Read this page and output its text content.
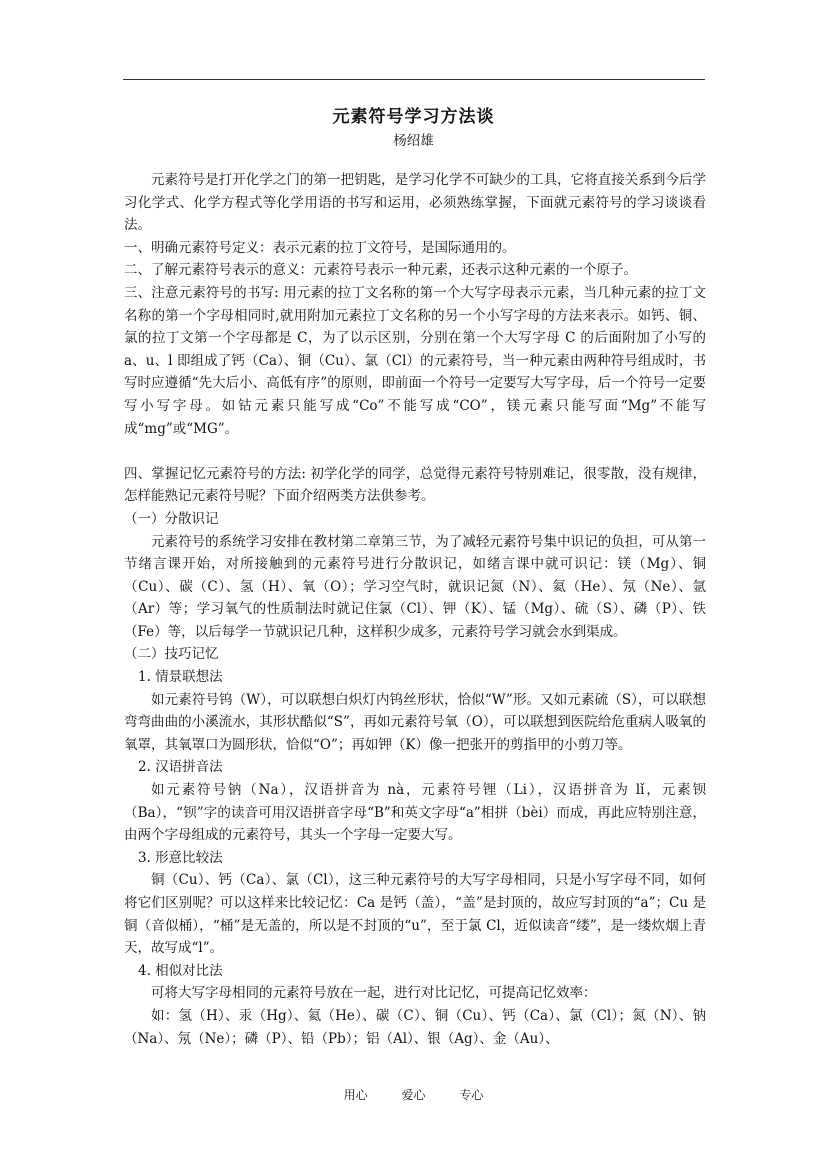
元素符号学习方法谈
杨绍雄

元素符号是打开化学之门的第一把钥匙，是学习化学不可缺少的工具，它将直接关系到今后学习化学式、化学方程式等化学用语的书写和运用，必须熟练掌握，下面就元素符号的学习谈谈看法。

一、明确元素符号定义：表示元素的拉丁文符号，是国际通用的。

二、了解元素符号表示的意义：元素符号表示一种元素，还表示这种元素的一个原子。

三、注意元素符号的书写: 用元素的拉丁文名称的第一个大写字母表示元素，当几种元素的拉丁文名称的第一个字母相同时,就用附加元素拉丁文名称的另一个小写字母的方法来表示。如钙、铜、氯的拉丁文第一个字母都是 C，为了以示区别，分别在第一个大写字母 C 的后面附加了小写的 a、u、l 即组成了钙（Ca）、铜（Cu）、氯（Cl）的元素符号，当一种元素由两种符号组成时，书写时应遵循“先大后小、高低有序”的原则，即前面一个符号一定要写大写字母，后一个符号一定要写小写字母。如钴元素只能写成“Co”不能写成“CO”，镁元素只能写面“Mg”不能写成“mg”或“MG”。

四、掌握记忆元素符号的方法: 初学化学的同学，总觉得元素符号特别难记，很零散，没有规律，怎样能熟记元素符号呢？下面介绍两类方法供参考。

（一）分散识记

元素符号的系统学习安排在教材第二章第三节，为了减轻元素符号集中识记的负担，可从第一节绪言课开始，对所接触到的元素符号进行分散识记，如绪言课中就可识记：镁（Mg）、铜（Cu）、碳（C）、氢（H）、氧（O）；学习空气时，就识记氮（N）、氦（He）、氖（Ne）、氩（Ar）等；学习氧气的性质制法时就记住氯（Cl）、钾（K）、锰（Mg）、硫（S）、磷（P）、铁（Fe）等，以后每学一节就识记几种，这样积少成多，元素符号学习就会水到渠成。

（二）技巧记忆

1. 情景联想法

如元素符号钨（W），可以联想白炽灯内钨丝形状，恰似“W”形。又如元素硫（S），可以联想弯弯曲曲的小溪流水，其形状酷似“S”，再如元素符号氧（O），可以联想到医院给危重病人吸氧的氧罩，其氧罩口为圆形状，恰似“O”；再如钾（K）像一把张开的剪指甲的小剪刀等。

2. 汉语拼音法

如元素符号钠（Na），汉语拼音为 nà，元素符号锂（Li），汉语拼音为 lǐ，元素钡（Ba），“钡”字的读音可用汉语拼音字母“B”和英文字母“a”相拼（bèi）而成，再此应特别注意，由两个字母组成的元素符号，其头一个字母一定要大写。

3. 形意比较法

铜（Cu）、钙（Ca）、氯（Cl），这三种元素符号的大写字母相同，只是小写字母不同，如何将它们区别呢？可以这样来比较记忆：Ca 是钙（盖），“盖”是封顶的，故应写封顶的“a”；Cu 是铜（音似桶），“桶”是无盖的，所以是不封顶的“u”，至于氯 Cl，近似读音“缕”，是一缕炊烟上青天，故写成“l”。

4. 相似对比法

可将大写字母相同的元素符号放在一起，进行对比记忆，可提高记忆效率：

如：氢（H）、汞（Hg）、氦（He）、碳（C）、铜（Cu）、钙（Ca）、氯（Cl）；氮（N）、钠（Na）、氖（Ne）；磷（P）、铅（Pb）；铝（Al）、银（Ag）、金（Au）、

用心	爱心	专心
